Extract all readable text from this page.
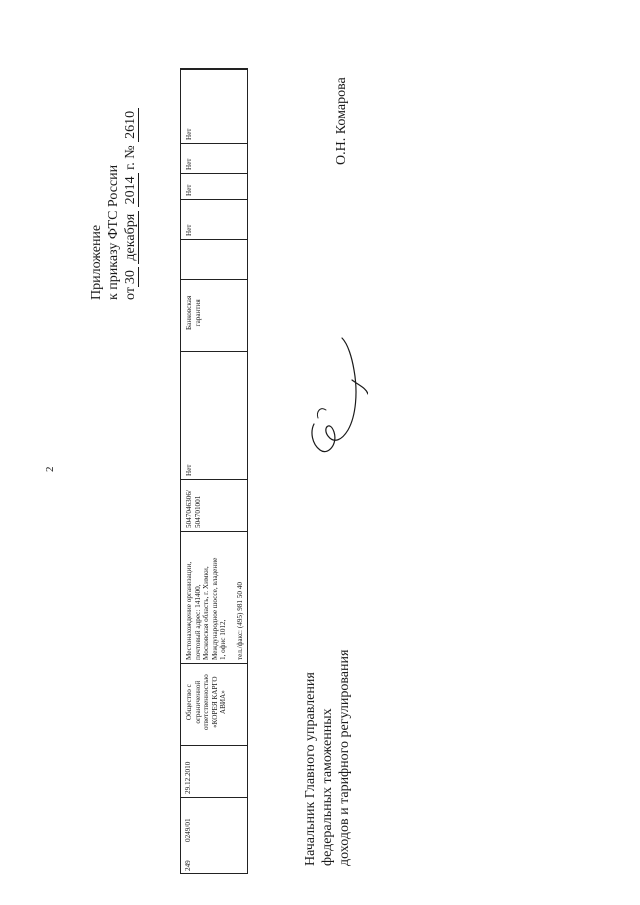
2
Приложение к приказу ФТС России от30 декабря 2014 г. № 2610
249
0249/01
29.12.2010
Общество с ограниченной ответственностью «КОРЕЯ КАРГО АВИА»
Местонахождение организации, почтовый адрес: 141400, Московская область, г. Химки, Международное шоссе, владение 1, офис 1012, тел./факс: (495) 981 50 40
5047046306/ 504701001
Нет
Банковская гарантия
Нет
Нет
Нет
Нет	О.Н. Комарова
Начальник Главного управления федеральных таможенных доходов и тарифного регулирования
